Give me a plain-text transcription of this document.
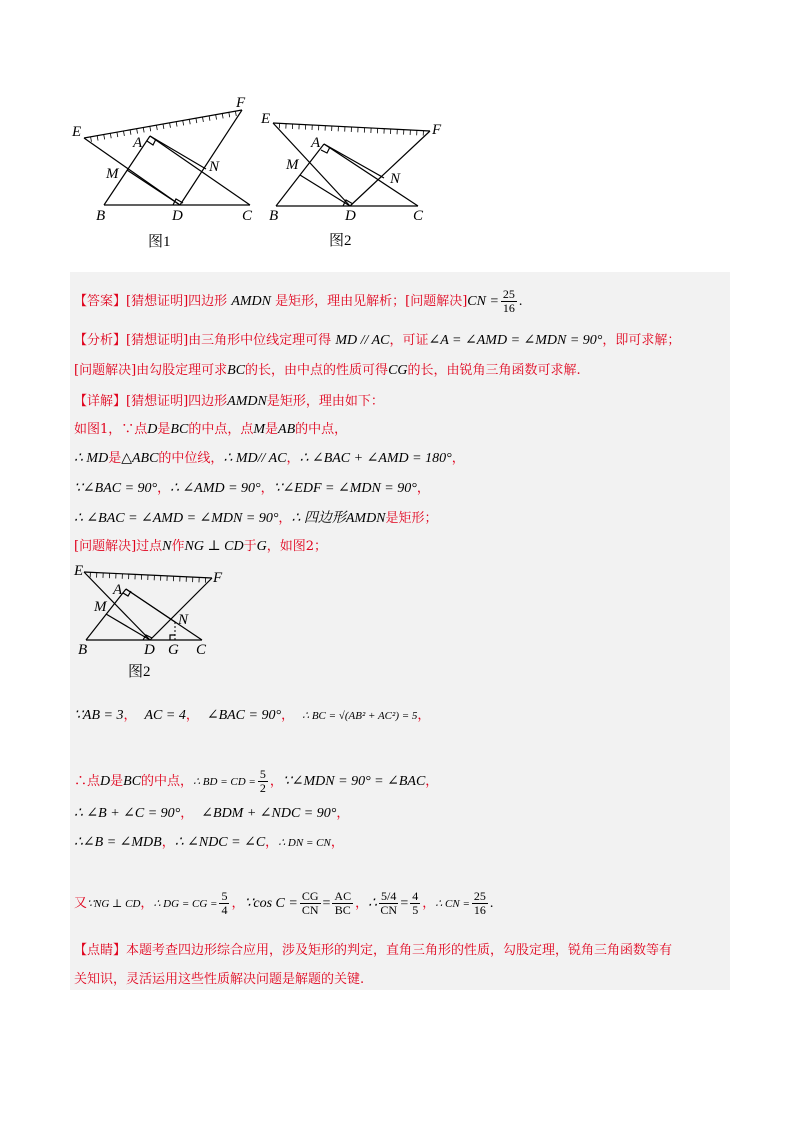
E
F
A
M	N
B	D	C
图1
E
F
A
M
N
B	D	C
图2
【答案】[猜想证明]四边形 AMDN 是矩形，理由见解析；[问题解决]$CN = \frac{25}{16}$ .
【分析】[猜想证明]由三角形中位线定理可得 MD // AC，可证∠A = ∠AMD = ∠MDN = 90°，即可求解；
[问题解决]由勾股定理可求BC的长，由中点的性质可得CG的长，由锐角三角函数可求解.
【详解】[猜想证明]四边形AMDN是矩形，理由如下：
如图1，∵点D是BC的中点，点M是AB的中点，
∴ MD是△ABC的中位线，∴ MD// AC，∴ ∠BAC + ∠AMD = 180°，
∵∠BAC = 90°，∴ ∠AMD = 90°，∵∠EDF = ∠MDN = 90°，
∴ ∠BAC = ∠AMD = ∠MDN = 90°，∴ 四边形AMDN是矩形；
[问题解决]过点N作NG ⊥ CD于G，如图2；
E	F
A
M
N
B	D G C
图2
∵AB = 3， AC = 4， ∠BAC = 90°， ∴ BC = √(AB² + AC²) = 5，
∴点D是BC的中点，∴ BD = CD = $\frac{5}{2}$ ，∵∠MDN = 90° = ∠BAC，
∴ ∠B + ∠C = 90°， ∠BDM + ∠NDC = 90°，
∴∠B = ∠MDB，∴ ∠NDC = ∠C，∴ DN = CN，
又∵NG ⊥ CD，∴ DG = CG = $\frac{5}{4}$ ，∵cos $C = \frac{CG}{CN} = \frac{AC}{BC}$ ，∴ $\frac{5/4}{CN} = \frac{4}{5}$ ，∴ CN = $\frac{25}{16}$ .
【点睛】本题考查四边形综合应用，涉及矩形的判定，直角三角形的性质，勾股定理，锐角三角函数等有
关知识，灵活运用这些性质解决问题是解题的关键.
